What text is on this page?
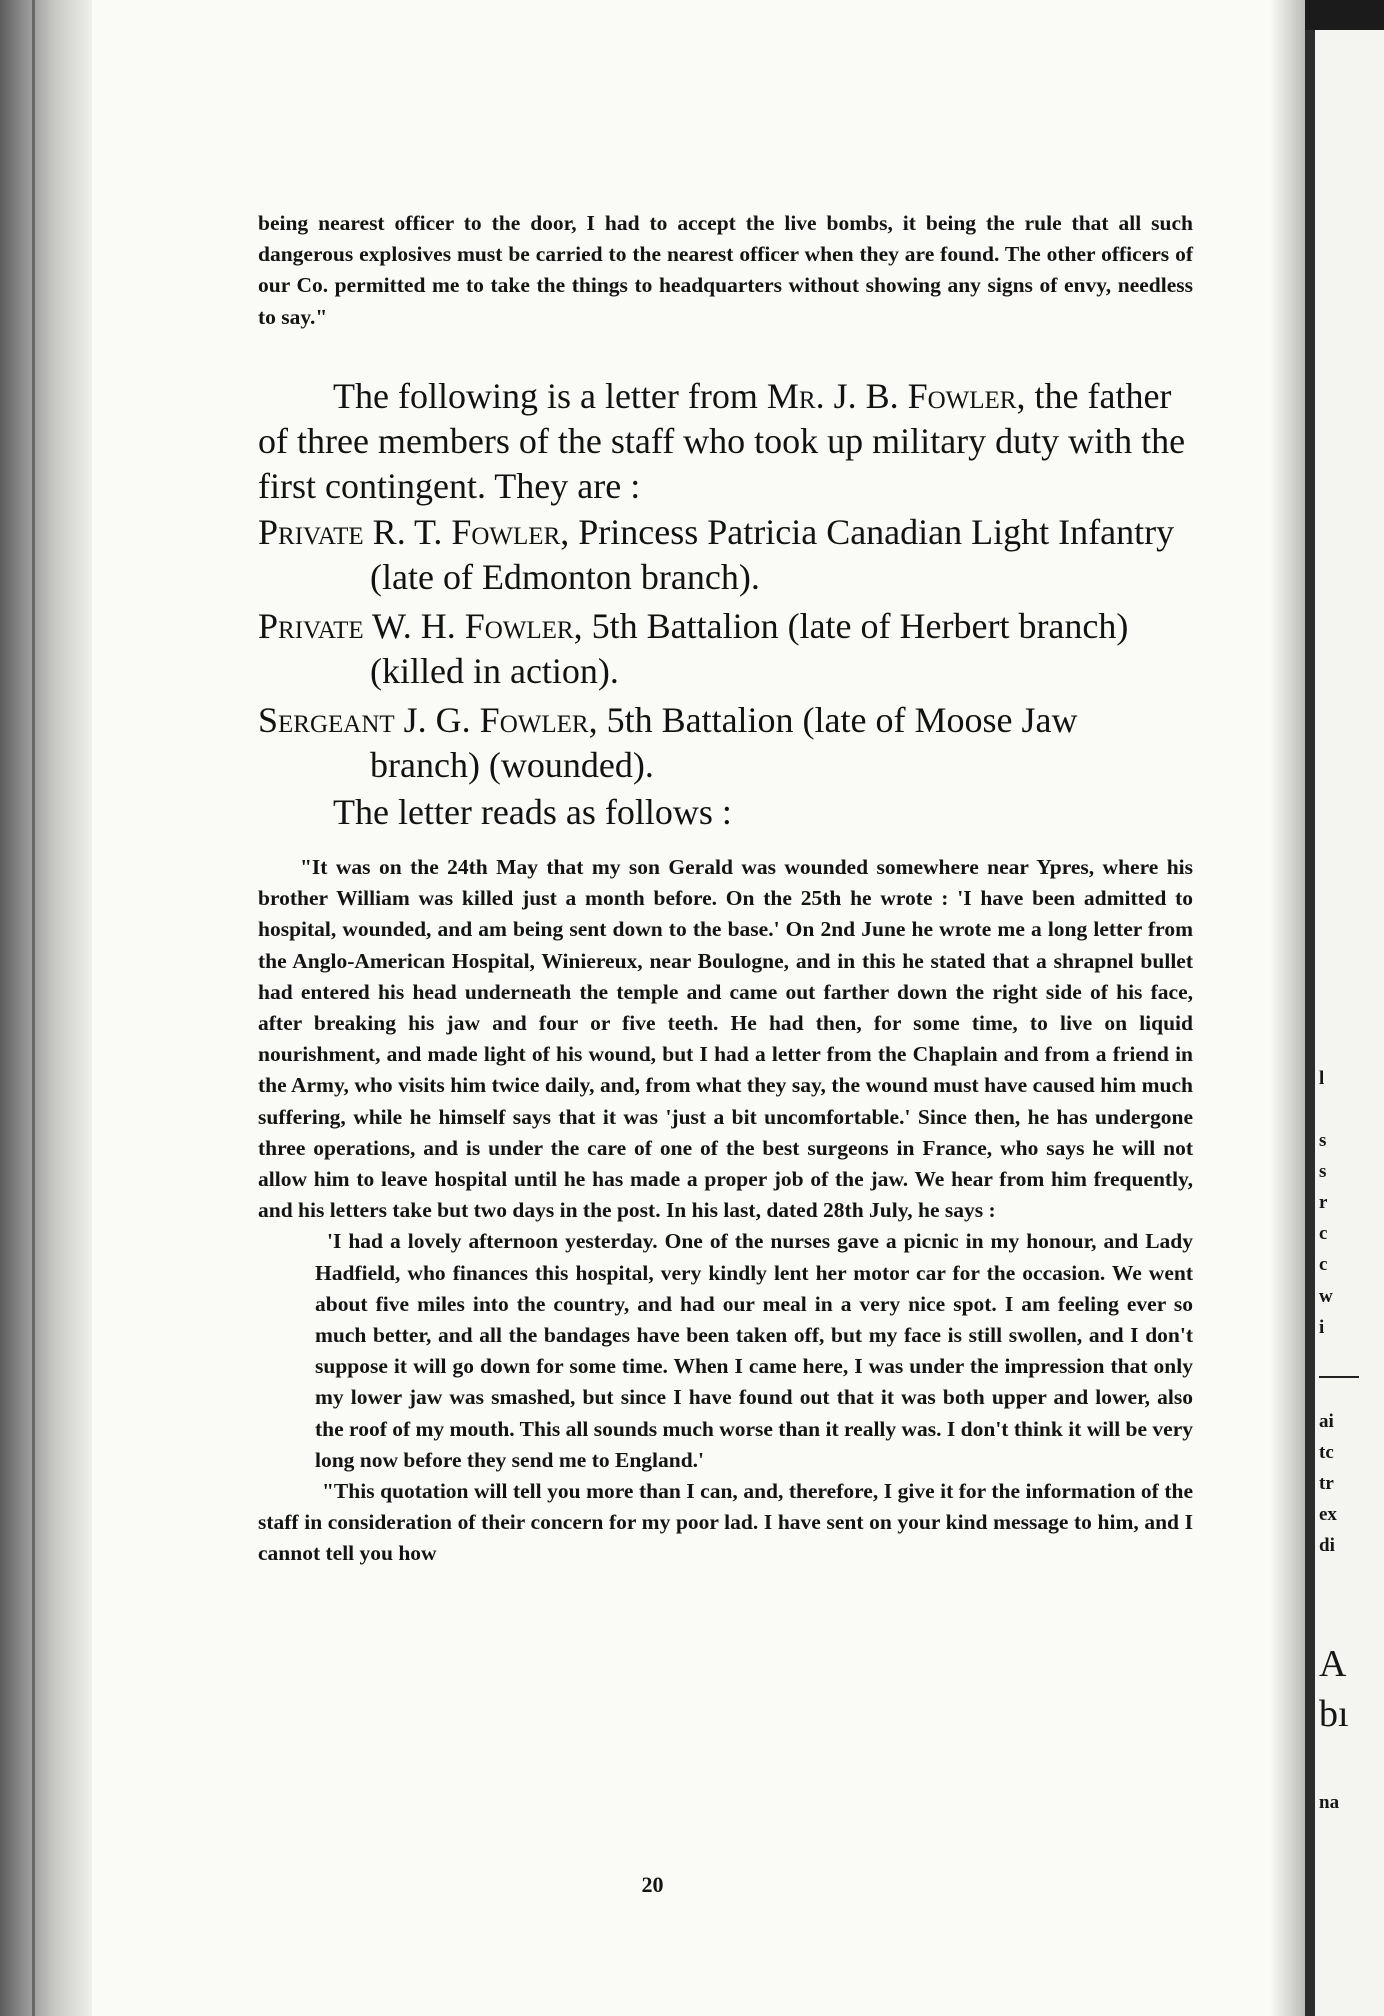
being nearest officer to the door, I had to accept the live bombs, it being the rule that all such dangerous explosives must be carried to the nearest officer when they are found. The other officers of our Co. permitted me to take the things to headquarters without showing any signs of envy, needless to say."

The following is a letter from Mr. J. B. Fowler, the father of three members of the staff who took up military duty with the first contingent. They are :

Private R. T. Fowler, Princess Patricia Canadian Light Infantry (late of Edmonton branch).

Private W. H. Fowler, 5th Battalion (late of Herbert branch) (killed in action).

Sergeant J. G. Fowler, 5th Battalion (late of Moose Jaw branch) (wounded).

The letter reads as follows :

"It was on the 24th May that my son Gerald was wounded somewhere near Ypres, where his brother William was killed just a month before. On the 25th he wrote : 'I have been admitted to hospital, wounded, and am being sent down to the base.' On 2nd June he wrote me a long letter from the Anglo-American Hospital, Winiereux, near Boulogne, and in this he stated that a shrapnel bullet had entered his head underneath the temple and came out farther down the right side of his face, after breaking his jaw and four or five teeth. He had then, for some time, to live on liquid nourishment, and made light of his wound, but I had a letter from the Chaplain and from a friend in the Army, who visits him twice daily, and, from what they say, the wound must have caused him much suffering, while he himself says that it was 'just a bit uncomfortable.' Since then, he has undergone three operations, and is under the care of one of the best surgeons in France, who says he will not allow him to leave hospital until he has made a proper job of the jaw. We hear from him frequently, and his letters take but two days in the post. In his last, dated 28th July, he says :

'I had a lovely afternoon yesterday. One of the nurses gave a picnic in my honour, and Lady Hadfield, who finances this hospital, very kindly lent her motor car for the occasion. We went about five miles into the country, and had our meal in a very nice spot. I am feeling ever so much better, and all the bandages have been taken off, but my face is still swollen, and I don't suppose it will go down for some time. When I came here, I was under the impression that only my lower jaw was smashed, but since I have found out that it was both upper and lower, also the roof of my mouth. This all sounds much worse than it really was. I don't think it will be very long now before they send me to England.'

"This quotation will tell you more than I can, and, therefore, I give it for the information of the staff in consideration of their concern for my poor lad. I have sent on your kind message to him, and I cannot tell you how

20
l
s
s
r
c
c
w
i
ai
tc
tr
ex
di
A
bı
na
